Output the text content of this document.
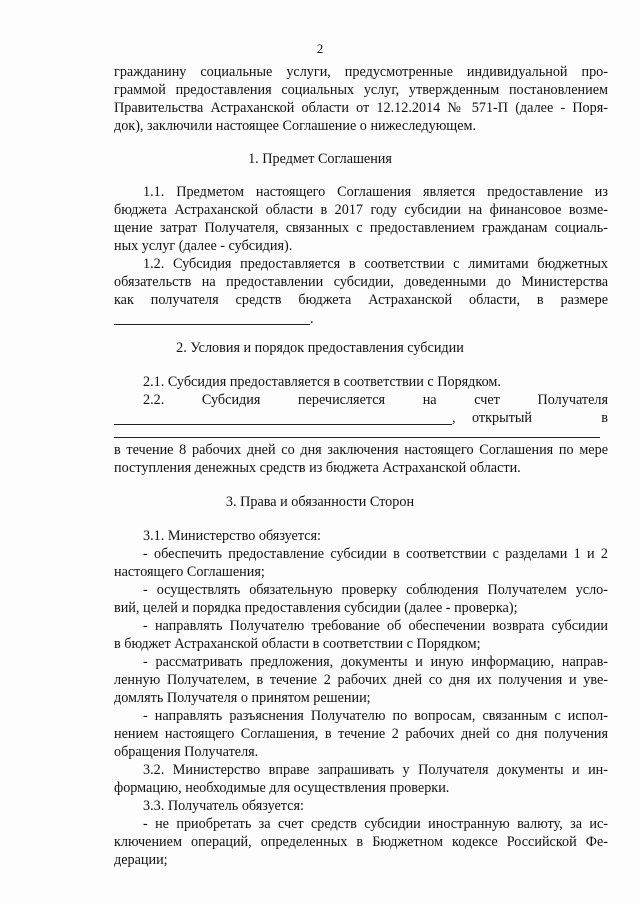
2
гражданину социальные услуги, предусмотренные индивидуальной про-
граммой предоставления социальных услуг, утвержденным постановлением
Правительства Астраханской области от 12.12.2014 № 571-П (далее - Поря-
док), заключили настоящее Соглашение о нижеследующем.
1. Предмет Соглашения
1.1. Предметом настоящего Соглашения является предоставление из
бюджета Астраханской области в 2017 году субсидии на финансовое возме-
щение затрат Получателя, связанных с предоставлением гражданам социаль-
ных услуг (далее - субсидия).
1.2. Субсидия предоставляется в соответствии с лимитами бюджетных
обязательств на предоставлении субсидии, доведенными до Министерства
как получателя средств бюджета Астраханской области, в размере
.
2. Условия и порядок предоставления субсидии
2.1. Субсидия предоставляется в соответствии с Порядком.
2.2. Субсидия перечисляется на счет Получателя
, открытый в
в течение 8 рабочих дней со дня заключения настоящего Соглашения по мере
поступления денежных средств из бюджета Астраханской области.
3. Права и обязанности Сторон
3.1. Министерство обязуется:
- обеспечить предоставление субсидии в соответствии с разделами 1 и 2
настоящего Соглашения;
- осуществлять обязательную проверку соблюдения Получателем усло-
вий, целей и порядка предоставления субсидии (далее - проверка);
- направлять Получателю требование об обеспечении возврата субсидии
в бюджет Астраханской области в соответствии с Порядком;
- рассматривать предложения, документы и иную информацию, направ-
ленную Получателем, в течение 2 рабочих дней со дня их получения и уве-
домлять Получателя о принятом решении;
- направлять разъяснения Получателю по вопросам, связанным с испол-
нением настоящего Соглашения, в течение 2 рабочих дней со дня получения
обращения Получателя.
3.2. Министерство вправе запрашивать у Получателя документы и ин-
формацию, необходимые для осуществления проверки.
3.3. Получатель обязуется:
- не приобретать за счет средств субсидии иностранную валюту, за ис-
ключением операций, определенных в Бюджетном кодексе Российской Фе-
дерации;
